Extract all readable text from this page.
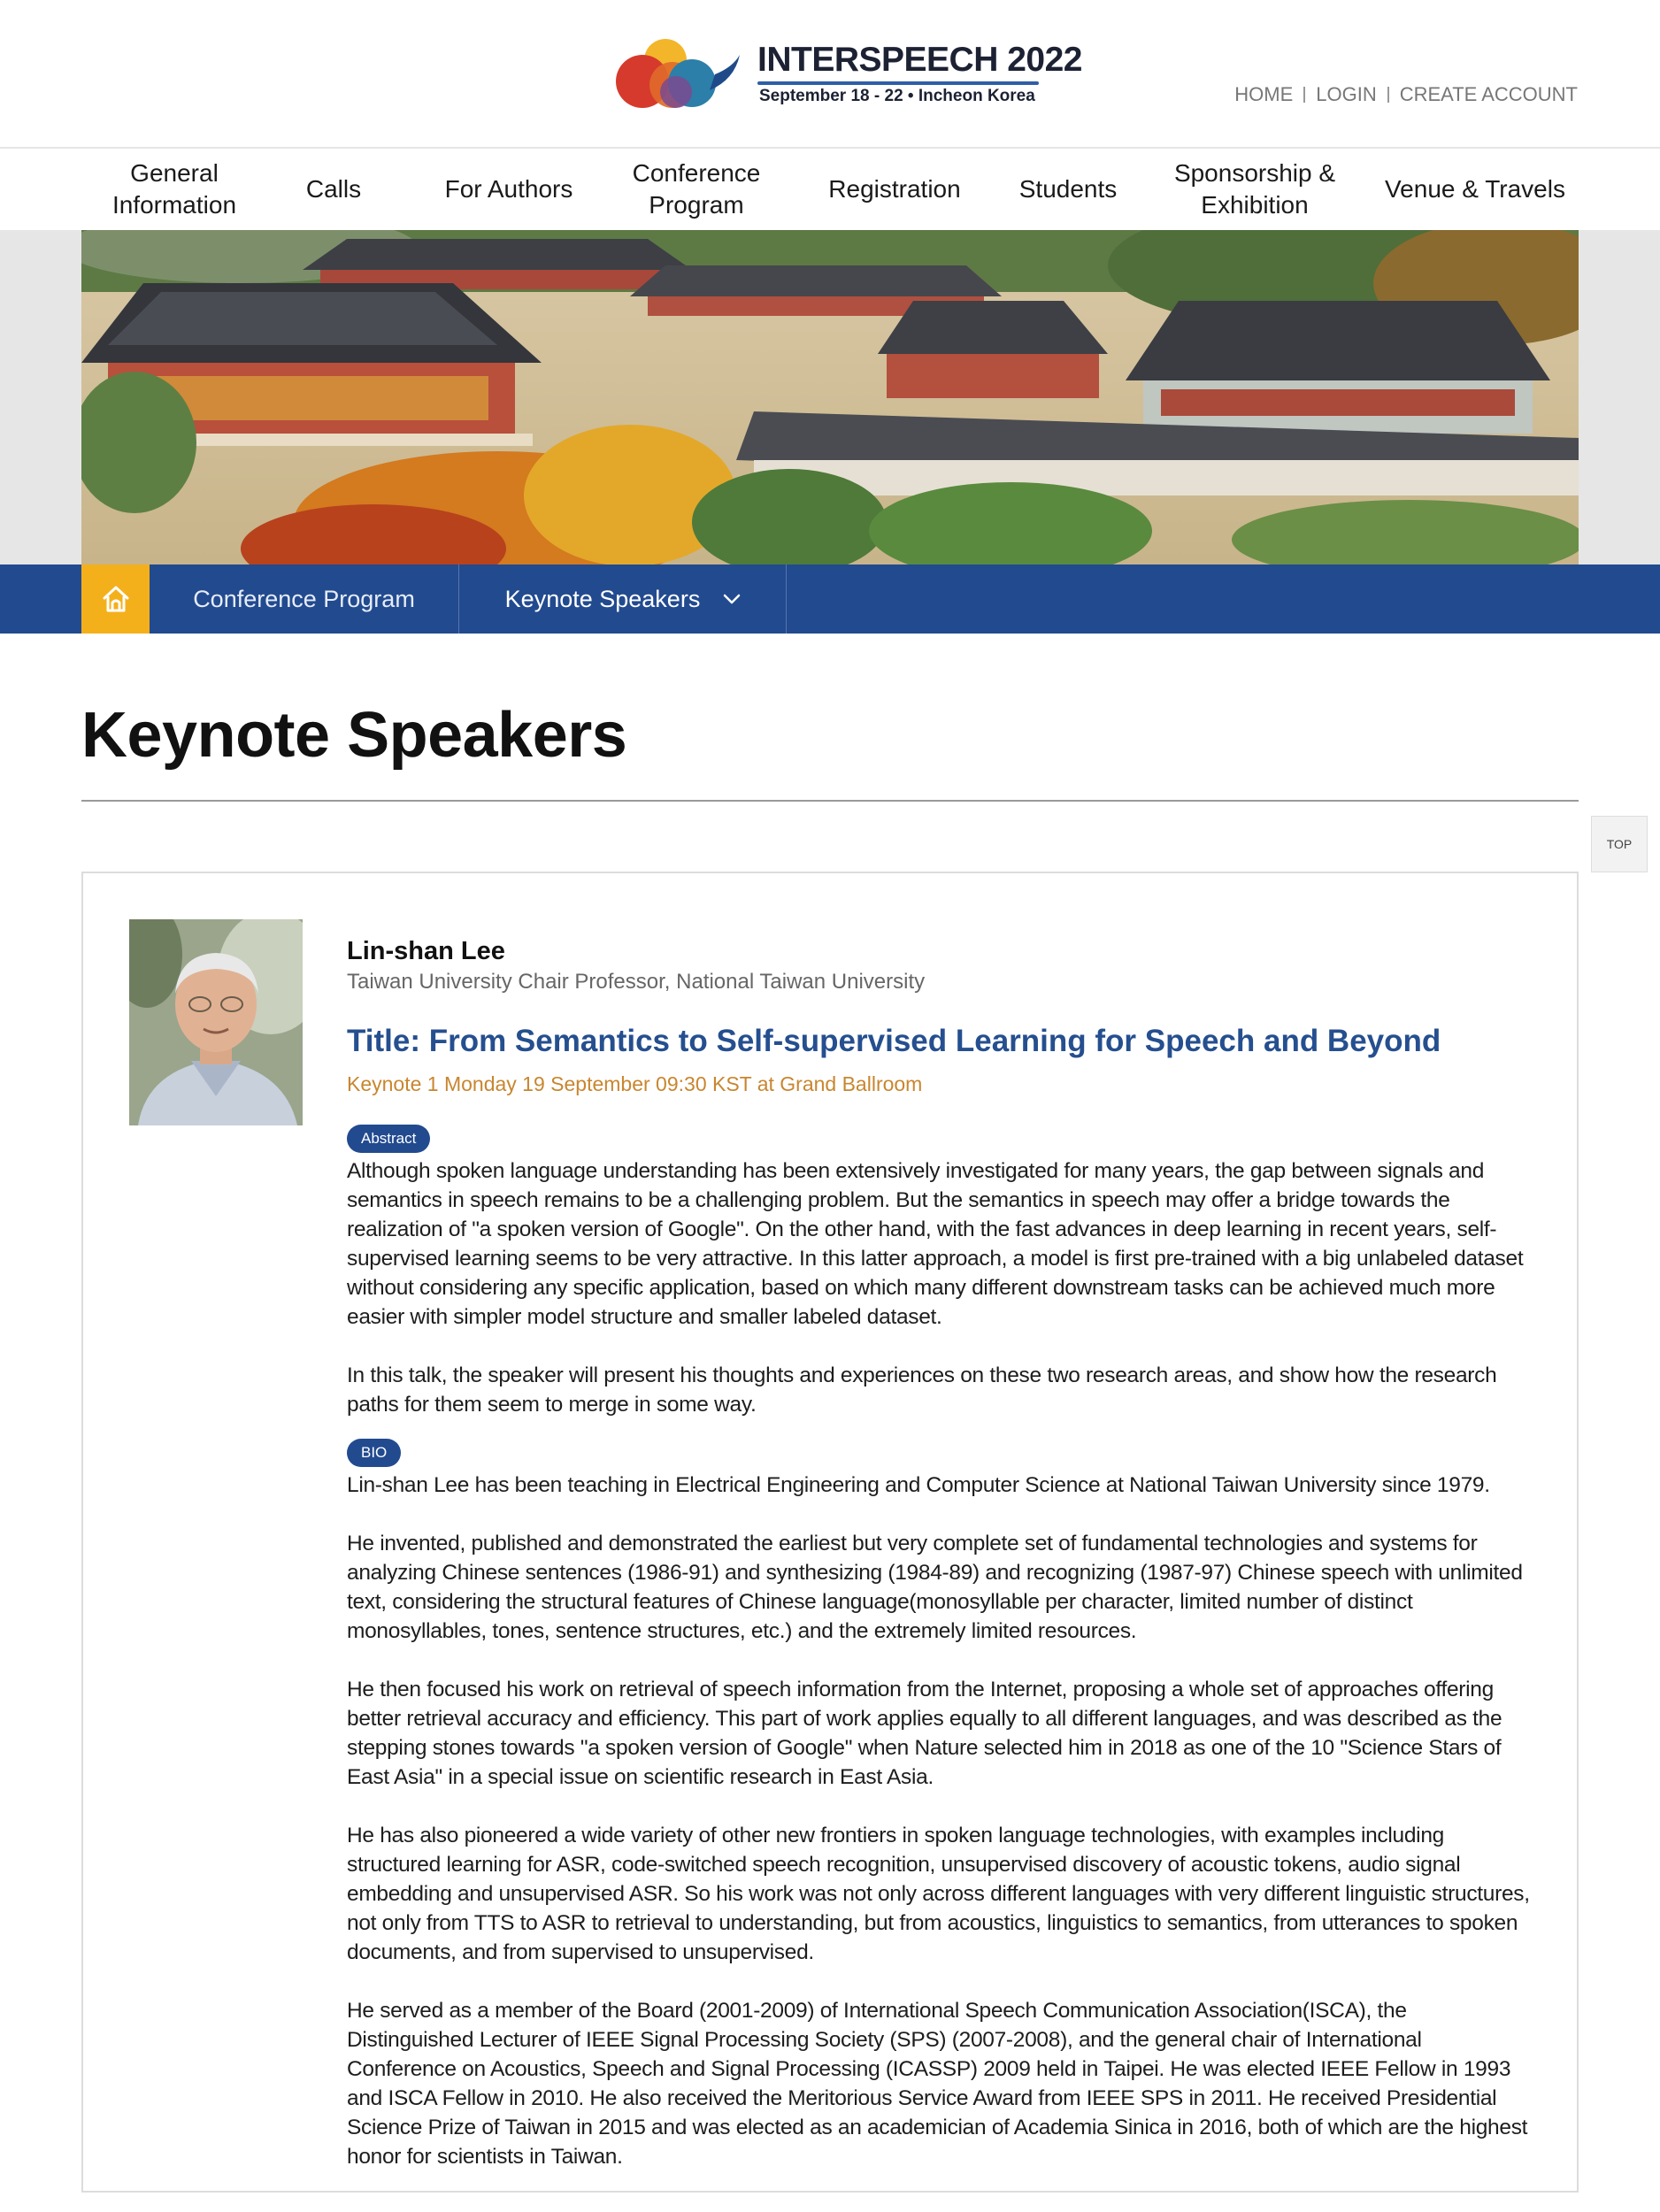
INTERSPEECH 2022
September 18 - 22 • Incheon Korea	HOME LOGIN CREATE ACCOUNT
General
Information
Calls	For Authors
Conference
Program
Registration Students
Sponsorship &
Exhibition
Venue & Travels
Conference Program	Keynote Speakers
Keynote Speakers
TOP
Lin-shan Lee
Taiwan University Chair Professor, National Taiwan University
Title: From Semantics to Self-supervised Learning for Speech and Beyond
Keynote 1 Monday 19 September 09:30 KST at Grand Ballroom
Abstract

Although spoken language understanding has been extensively investigated for many years, the gap between signals and semantics in speech remains to be a challenging problem. But the semantics in speech may offer a bridge towards the realization of "a spoken version of Google". On the other hand, with the fast advances in deep learning in recent years, self-supervised learning seems to be very attractive. In this latter approach, a model is first pre-trained with a big unlabeled dataset without considering any specific application, based on which many different downstream tasks can be achieved much more easier with simpler model structure and smaller labeled dataset.

In this talk, the speaker will present his thoughts and experiences on these two research areas, and show how the research paths for them seem to merge in some way.

BIO

Lin-shan Lee has been teaching in Electrical Engineering and Computer Science at National Taiwan University since 1979.

He invented, published and demonstrated the earliest but very complete set of fundamental technologies and systems for analyzing Chinese sentences (1986-91) and synthesizing (1984-89) and recognizing (1987-97) Chinese speech with unlimited text, considering the structural features of Chinese language(monosyllable per character, limited number of distinct monosyllables, tones, sentence structures, etc.) and the extremely limited resources.

He then focused his work on retrieval of speech information from the Internet, proposing a whole set of approaches offering better retrieval accuracy and efficiency. This part of work applies equally to all different languages, and was described as the stepping stones towards "a spoken version of Google" when Nature selected him in 2018 as one of the 10 "Science Stars of East Asia" in a special issue on scientific research in East Asia.

He has also pioneered a wide variety of other new frontiers in spoken language technologies, with examples including structured learning for ASR, code-switched speech recognition, unsupervised discovery of acoustic tokens, audio signal embedding and unsupervised ASR. So his work was not only across different languages with very different linguistic structures, not only from TTS to ASR to retrieval to understanding, but from acoustics, linguistics to semantics, from utterances to spoken documents, and from supervised to unsupervised.

He served as a member of the Board (2001-2009) of International Speech Communication Association(ISCA), the Distinguished Lecturer of IEEE Signal Processing Society (SPS) (2007-2008), and the general chair of International Conference on Acoustics, Speech and Signal Processing (ICASSP) 2009 held in Taipei. He was elected IEEE Fellow in 1993 and ISCA Fellow in 2010. He also received the Meritorious Service Award from IEEE SPS in 2011. He received Presidential Science Prize of Taiwan in 2015 and was elected as an academician of Academia Sinica in 2016, both of which are the highest honor for scientists in Taiwan.
